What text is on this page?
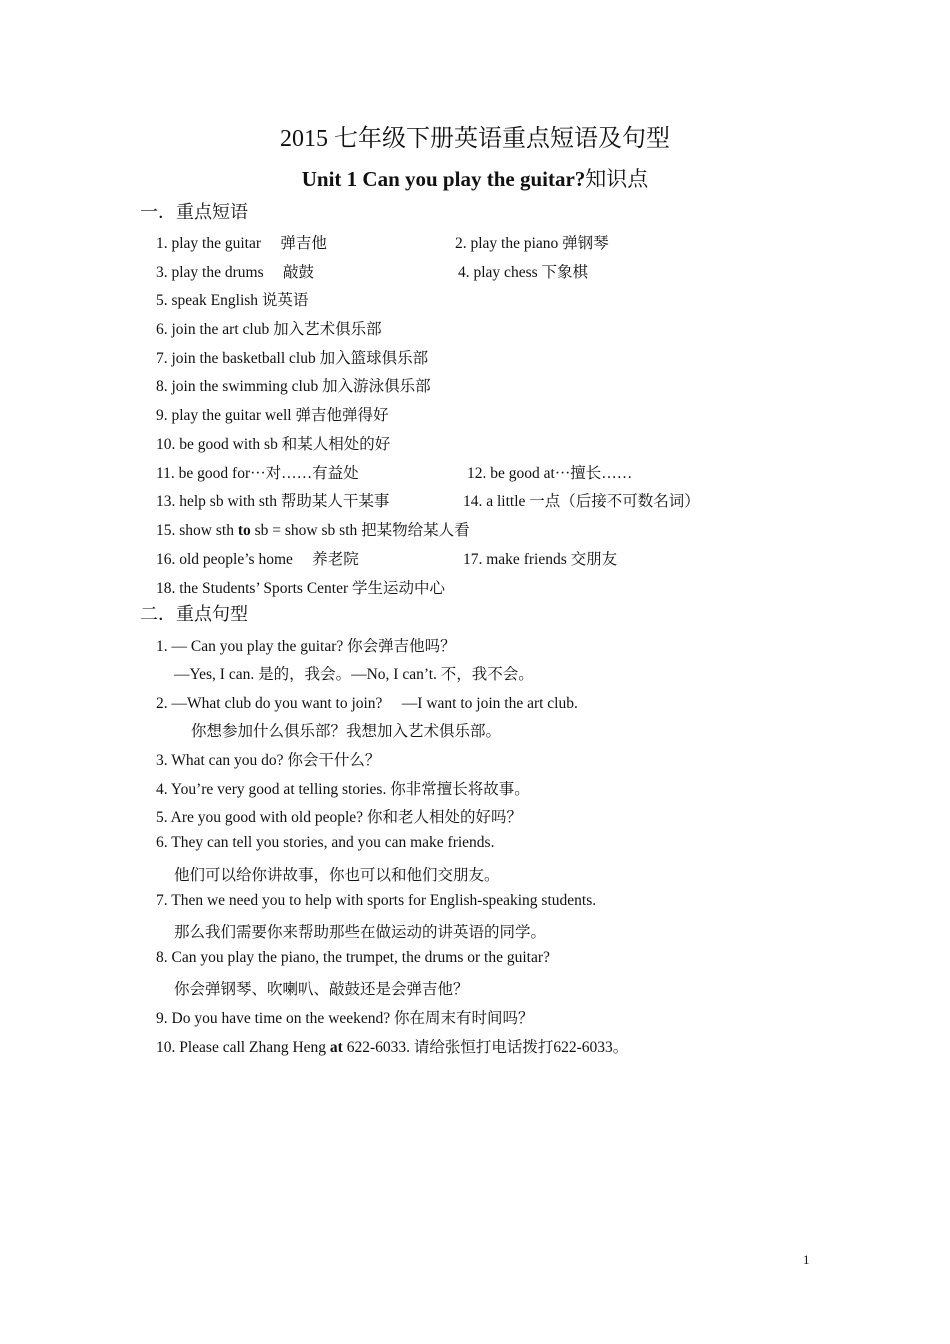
2015 七年级下册英语重点短语及句型
Unit 1 Can you play the guitar?知识点
一．重点短语
1. play the guitar　 弹吉他	2. play the piano 弹钢琴
3. play the drums　 敲鼓	4. play chess 下象棋
5. speak English 说英语
6. join the art club 加入艺术俱乐部
7. join the basketball club 加入篮球俱乐部
8. join the swimming club 加入游泳俱乐部
9. play the guitar well 弹吉他弹得好
10. be good with sb 和某人相处的好
11. be good for···对……有益处	12. be good at···擅长……
13. help sb with sth 帮助某人干某事	14. a little 一点（后接不可数名词）
15. show sth to sb = show sb sth 把某物给某人看
16. old people’s home　 养老院	17. make friends 交朋友
18. the Students’ Sports Center 学生运动中心
二．重点句型
1. — Can you play the guitar? 你会弹吉他吗？
—Yes, I can. 是的，我会。—No, I can’t. 不，我不会。
2. —What club do you want to join?　 —I want to join the art club.
你想参加什么俱乐部？我想加入艺术俱乐部。
3. What can you do? 你会干什么？
4. You’re very good at telling stories. 你非常擅长将故事。
5. Are you good with old people? 你和老人相处的好吗？
6. They can tell you stories, and you can make friends.
他们可以给你讲故事，你也可以和他们交朋友。
7. Then we need you to help with sports for English-speaking students.
那么我们需要你来帮助那些在做运动的讲英语的同学。
8. Can you play the piano, the trumpet, the drums or the guitar?
你会弹钢琴、吹喇叭、敲鼓还是会弹吉他？
9. Do you have time on the weekend? 你在周末有时间吗？
10. Please call Zhang Heng at 622-6033. 请给张恒打电话拨打622-6033。
1
